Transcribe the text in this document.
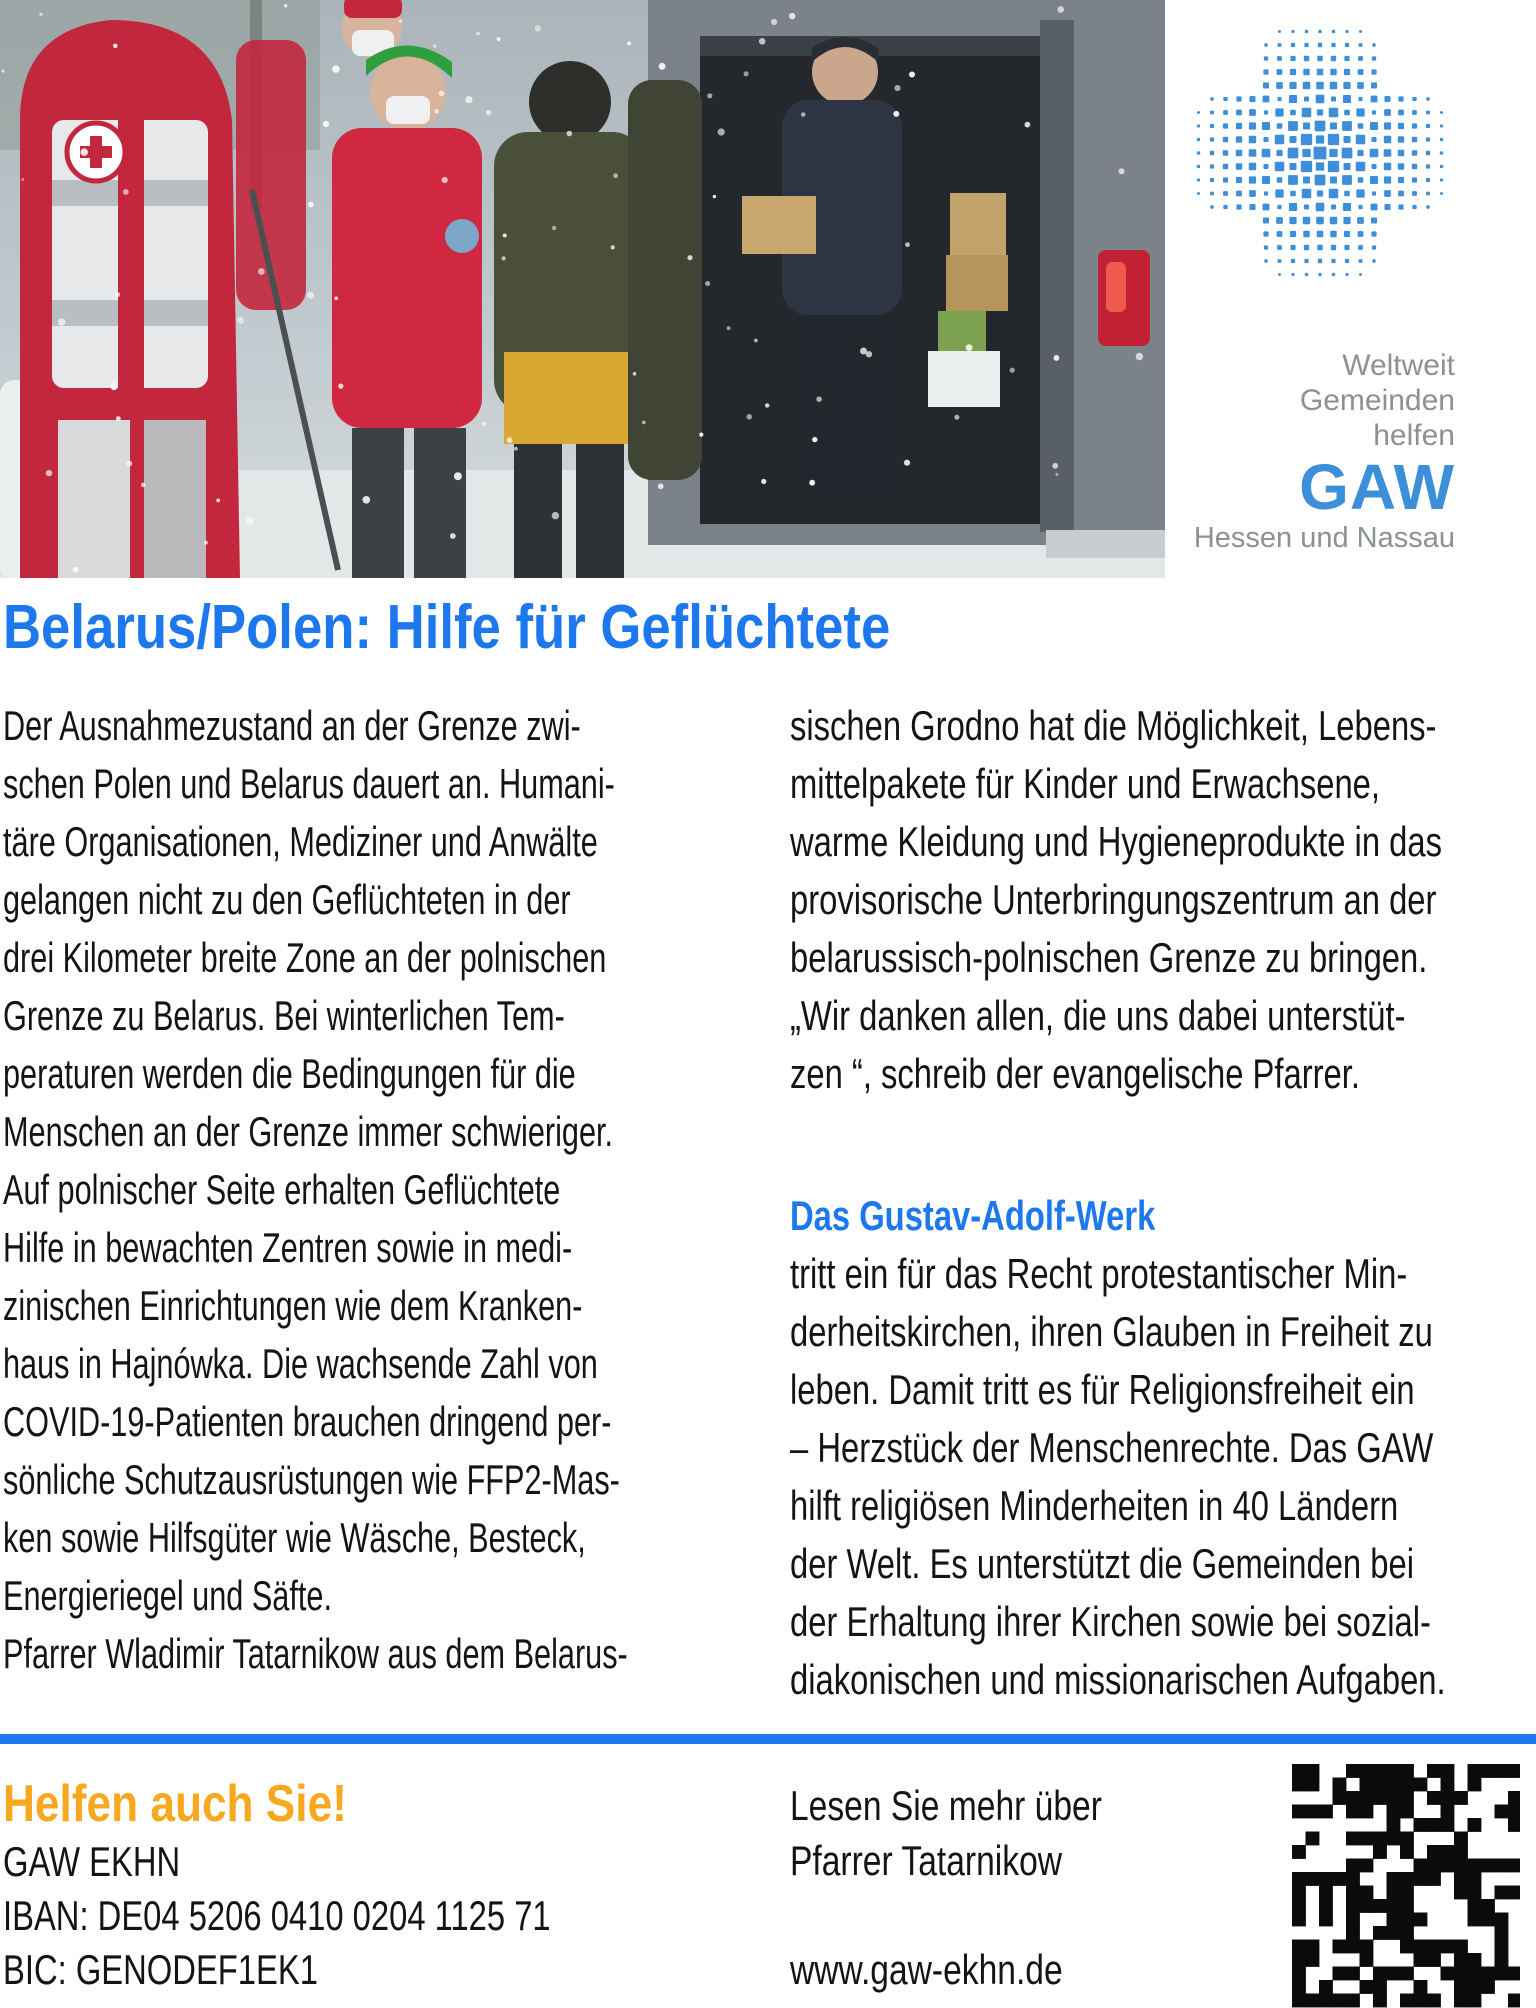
Weltweit
Gemeinden
helfen
GAW
Hessen und Nassau
Belarus/Polen: Hilfe für Geflüchtete
Der Ausnahmezustand an der Grenze zwi-
schen Polen und Belarus dauert an. Humani-
täre Organisationen, Mediziner und Anwälte
gelangen nicht zu den Geflüchteten in der
drei Kilometer breite Zone an der polnischen
Grenze zu Belarus. Bei winterlichen Tem-
peraturen werden die Bedingungen für die
Menschen an der Grenze immer schwieriger.
Auf polnischer Seite erhalten Geflüchtete
Hilfe in bewachten Zentren sowie in medi-
zinischen Einrichtungen wie dem Kranken-
haus in Hajnówka. Die wachsende Zahl von
COVID-19-Patienten brauchen dringend per-
sönliche Schutzausrüstungen wie FFP2-Mas-
ken sowie Hilfsgüter wie Wäsche, Besteck,
Energieriegel und Säfte.
Pfarrer Wladimir Tatarnikow aus dem Belarus-
sischen Grodno hat die Möglichkeit, Lebens-
mittelpakete für Kinder und Erwachsene,
warme Kleidung und Hygieneprodukte in das
provisorische Unterbringungszentrum an der
belarussisch-polnischen Grenze zu bringen.
„Wir danken allen, die uns dabei unterstüt-
zen “, schreib der evangelische Pfarrer.
Das Gustav-Adolf-Werk
tritt ein für das Recht protestantischer Min-
derheitskirchen, ihren Glauben in Freiheit zu
leben. Damit tritt es für Religionsfreiheit ein
– Herzstück der Menschenrechte. Das GAW
hilft religiösen Minderheiten in 40 Ländern
der Welt. Es unterstützt die Gemeinden bei
der Erhaltung ihrer Kirchen sowie bei sozial-
diakonischen und missionarischen Aufgaben.
Helfen auch Sie!
GAW EKHN
IBAN: DE04 5206 0410 0204 1125 71
BIC: GENODEF1EK1
Lesen Sie mehr über
Pfarrer Tatarnikow
www.gaw-ekhn.de
